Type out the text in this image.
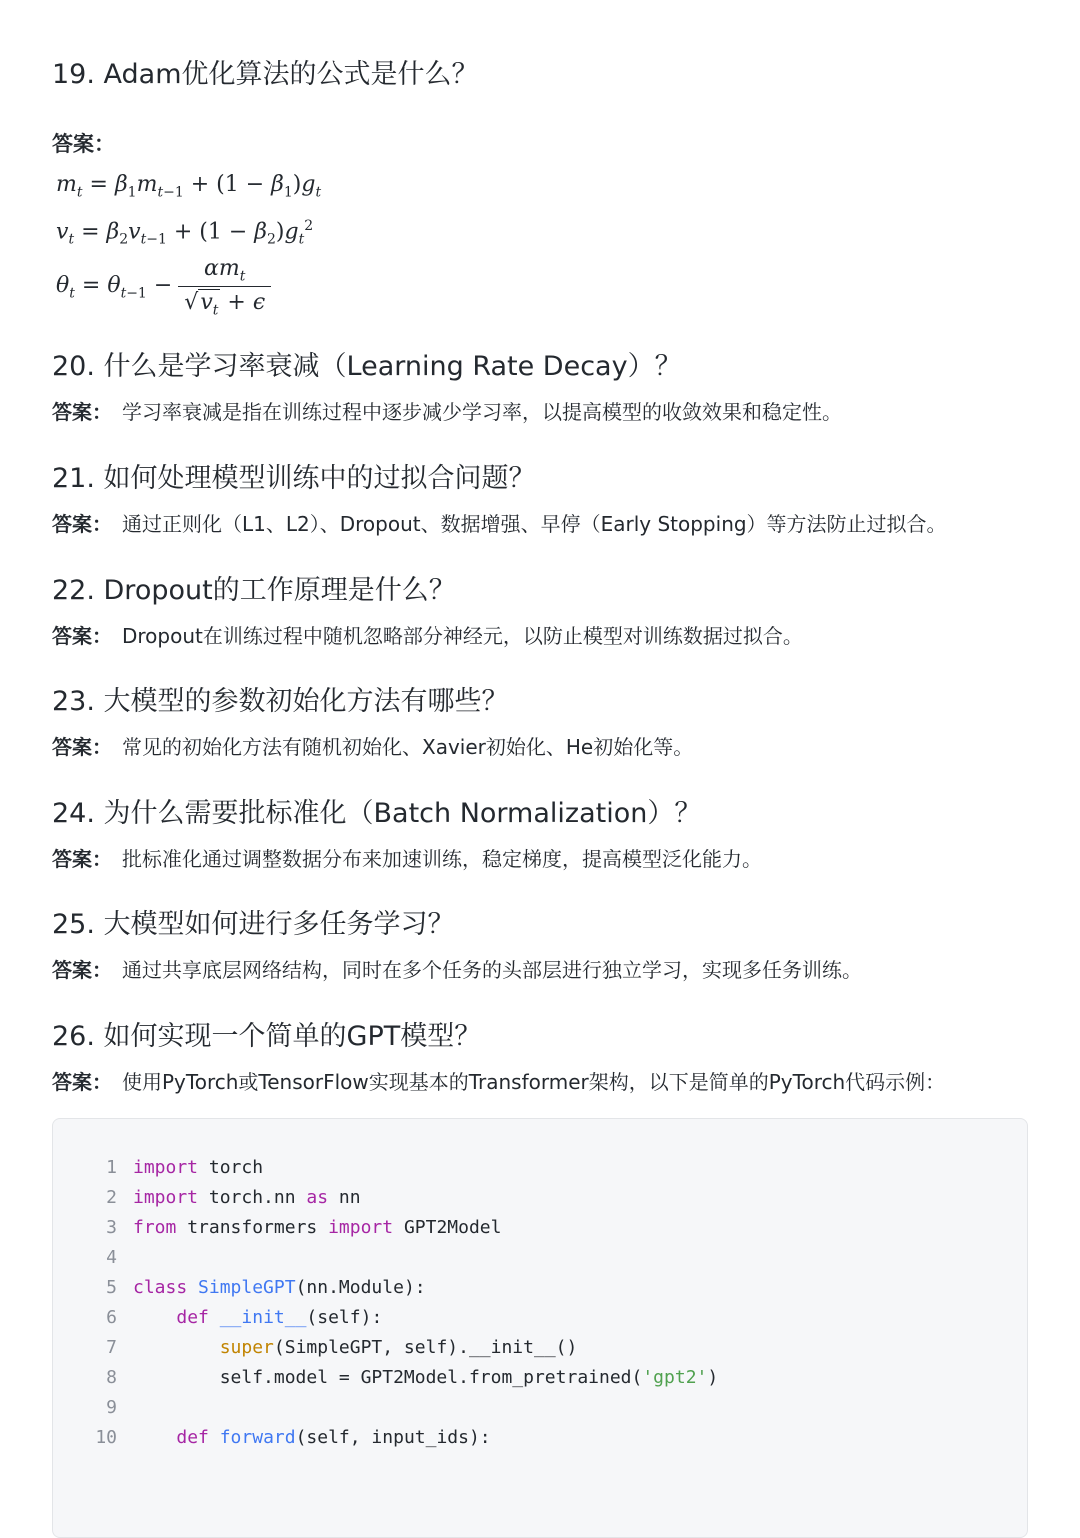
19. Adam优化算法的公式是什么？
答案：
$m_t = \beta_1m_{t-1} + (1 - \beta_1)g_t$
$v_t = \beta_2v_{t-1} + (1 - \beta_2)g_t^2$
$\theta_t = \theta_{t-1} - \frac{\alpha m_t}{√v_t + \epsilon}$
20. 什么是学习率衰减（Learning Rate Decay）？

答案： 学习率衰减是指在训练过程中逐步减少学习率，以提高模型的收敛效果和稳定性。

21. 如何处理模型训练中的过拟合问题？

答案： 通过正则化（L1、L2）、Dropout、数据增强、早停（Early Stopping）等方法防止过拟合。

22. Dropout的工作原理是什么？

答案： Dropout在训练过程中随机忽略部分神经元，以防止模型对训练数据过拟合。

23. 大模型的参数初始化方法有哪些？

答案： 常见的初始化方法有随机初始化、Xavier初始化、He初始化等。

24. 为什么需要批标准化（Batch Normalization）？

答案： 批标准化通过调整数据分布来加速训练，稳定梯度，提高模型泛化能力。

25. 大模型如何进行多任务学习？

答案： 通过共享底层网络结构，同时在多个任务的头部层进行独立学习，实现多任务训练。

26. 如何实现一个简单的GPT模型？

答案： 使用PyTorch或TensorFlow实现基本的Transformer架构，以下是简单的PyTorch代码示例：

1 import torch
2 import torch.nn as nn
3 from transformers import GPT2Model
4
5 class SimpleGPT(nn.Module):
6	def __init__(self):
7	super(SimpleGPT, self).__init__()
8        self.model = GPT2Model.from_pretrained('gpt2')
9
10	def forward(self, input_ids):
